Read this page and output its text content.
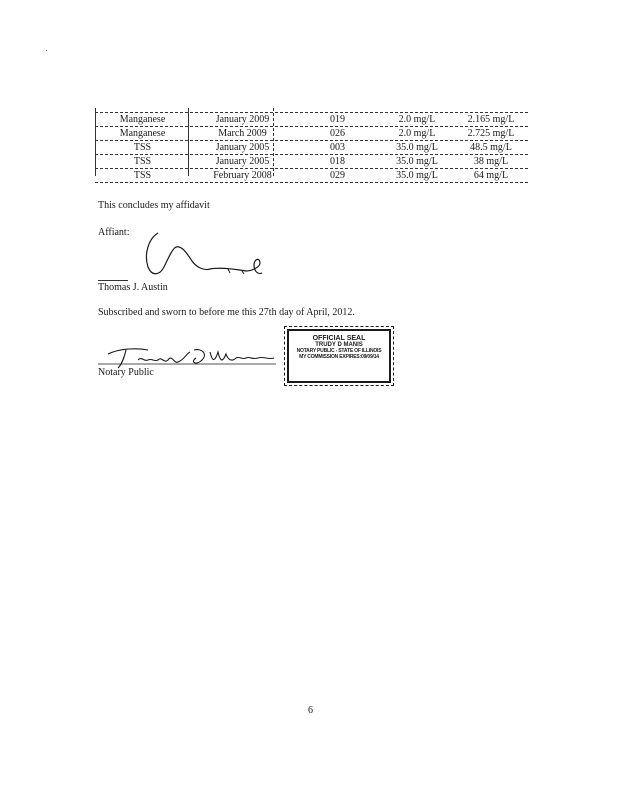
Manganese	January 2009	019	2.0 mg/L	2.165 mg/L
Manganese	March 2009	026	2.0 mg/L	2.725 mg/L
TSS	January 2005	003	35.0 mg/L	48.5 mg/L
TSS	January 2005	018	35.0 mg/L	38 mg/L
TSS	February 2008	029	35.0 mg/L	64 mg/L
This concludes my affidavit
Affiant:
Thomas J. Austin
Subscribed and sworn to before me this 27th day of April, 2012.
Notary Public
OFFICIAL SEAL
TRUDY D MANIS
NOTARY PUBLIC - STATE OF ILLINOIS
MY COMMISSION EXPIRES:09/09/14
6
